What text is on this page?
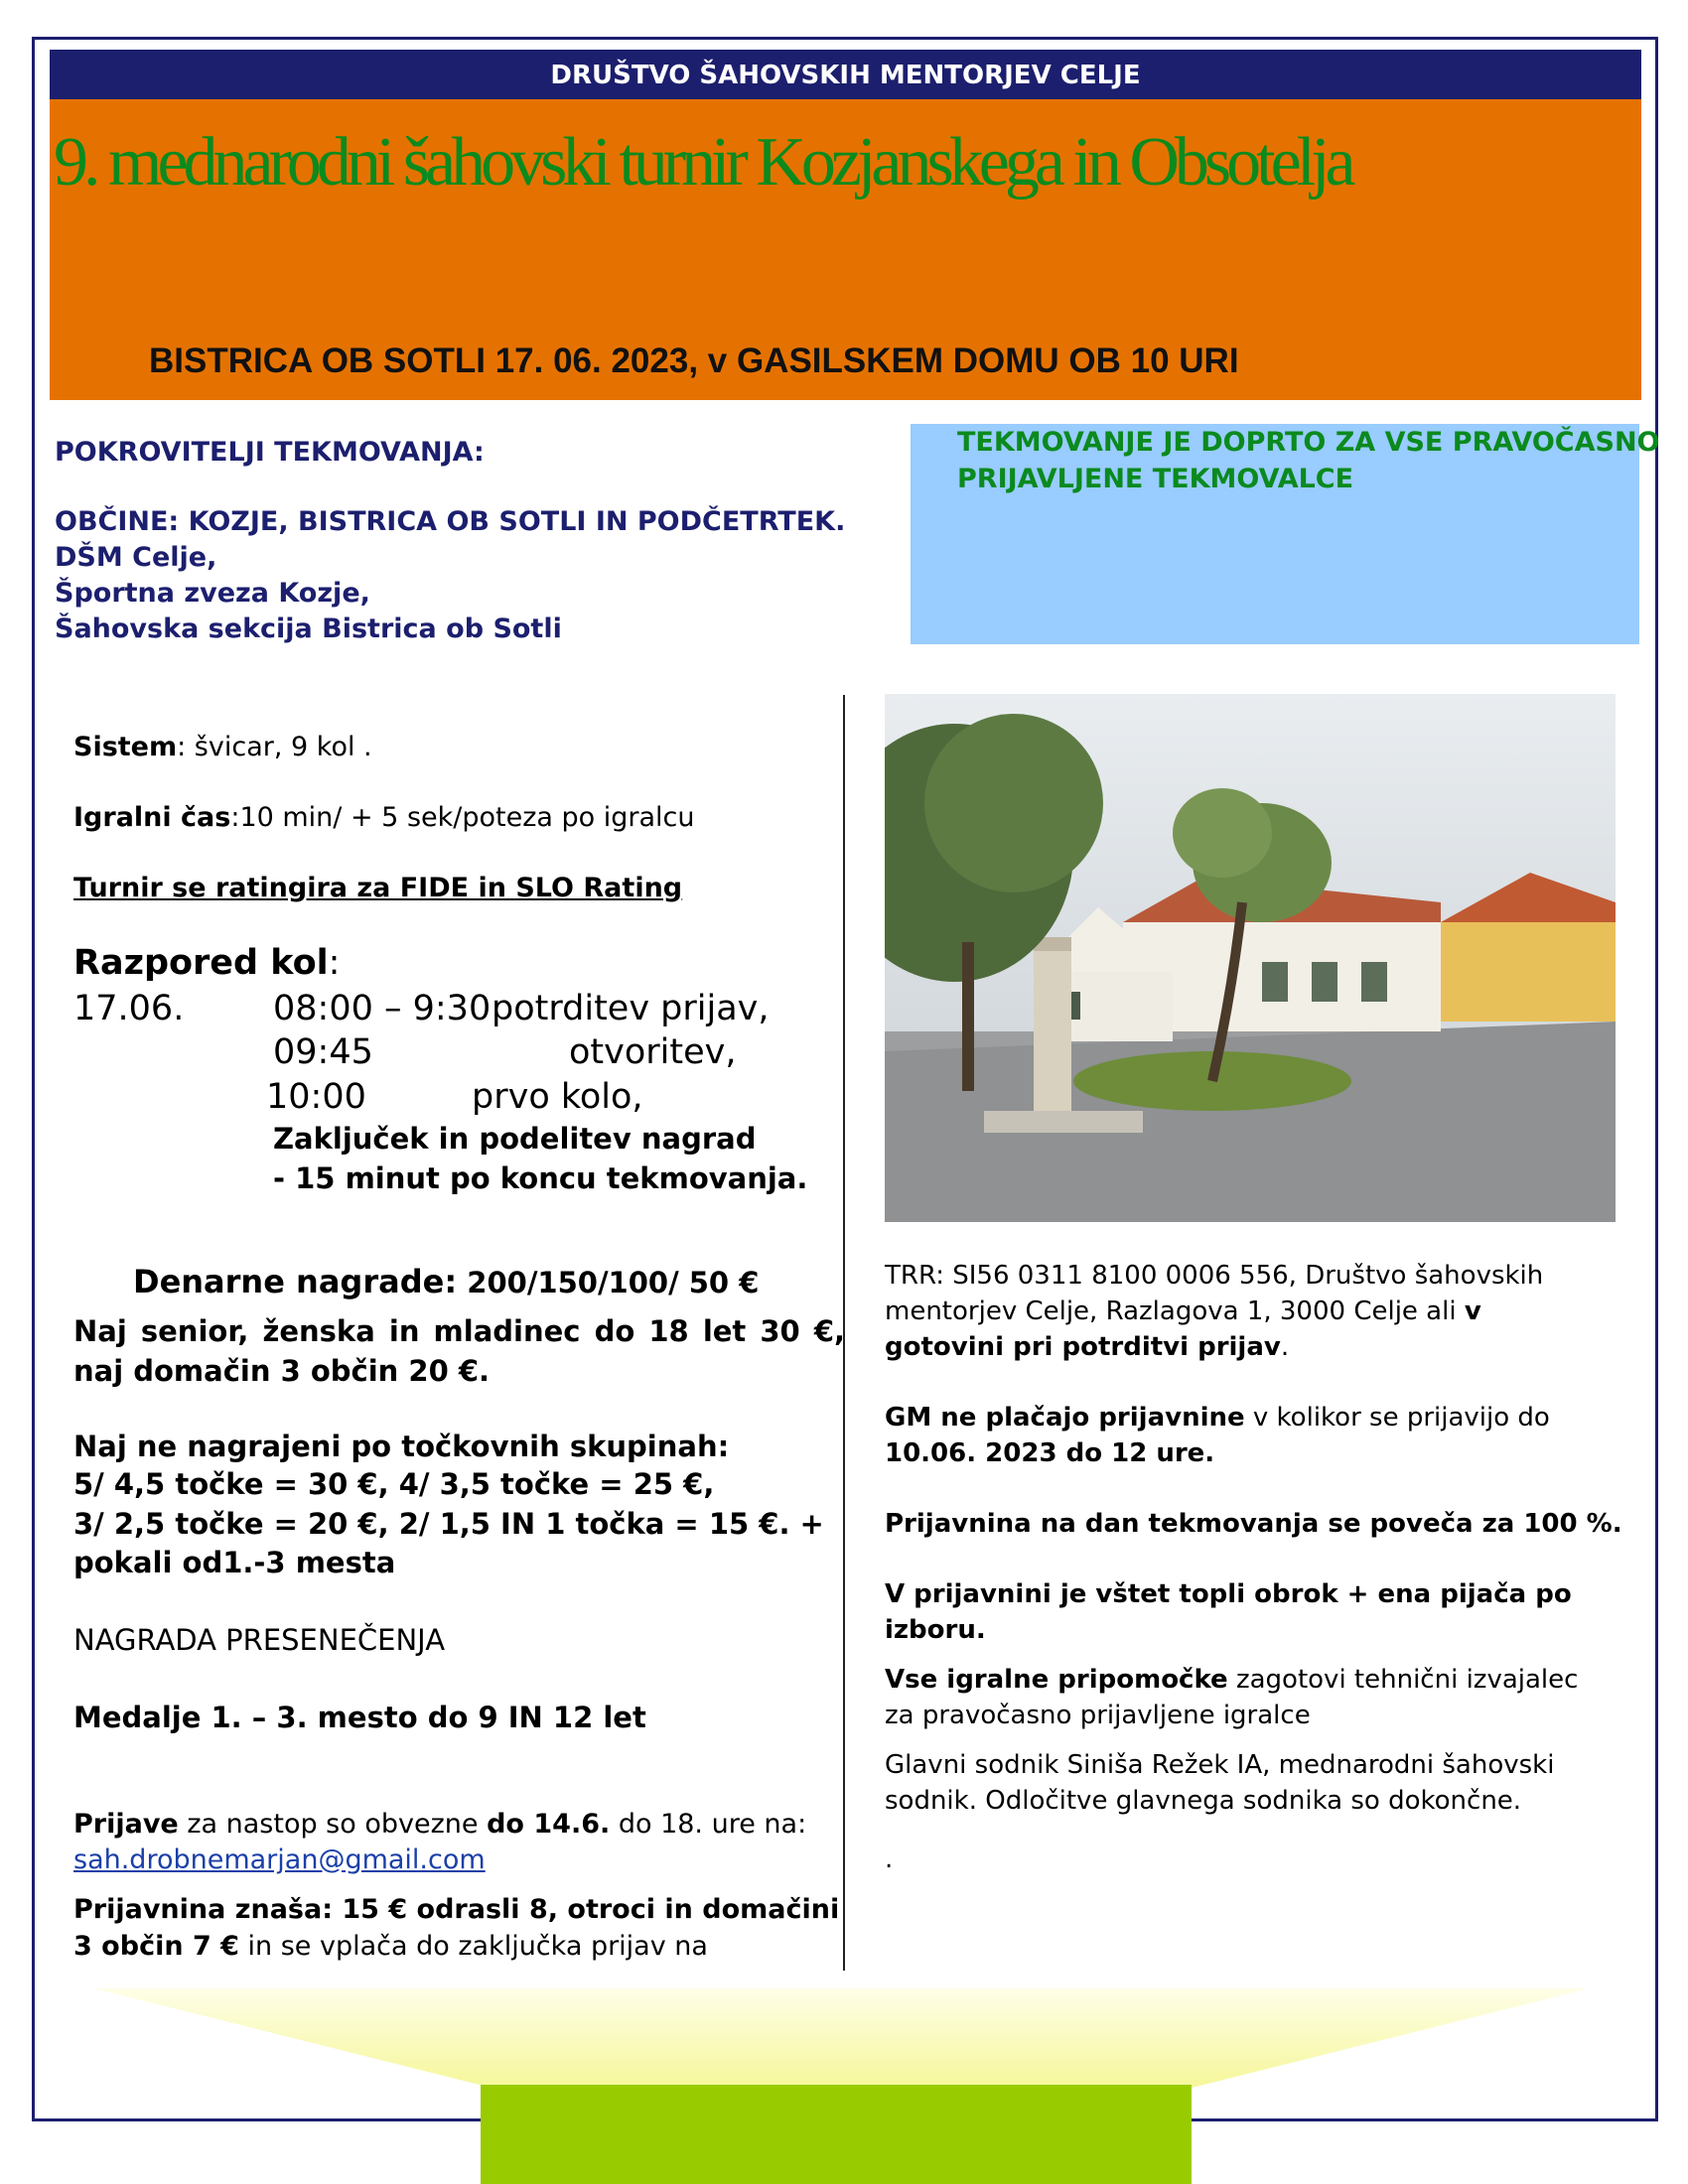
DRUŠTVO ŠAHOVSKIH MENTORJEV CELJE
9. mednarodni šahovski turnir Kozjanskega in Obsotelja
BISTRICA OB SOTLI 17. 06. 2023, v GASILSKEM DOMU OB 10 URI
POKROVITELJI TEKMOVANJA:
OBČINE: KOZJE, BISTRICA OB SOTLI IN PODČETRTEK.
DŠM Celje,
Športna zveza Kozje,
Šahovska sekcija Bistrica ob Sotli
TEKMOVANJE JE DOPRTO ZA VSE PRAVOČASNO
PRIJAVLJENE TEKMOVALCE
Sistem: švicar, 9 kol .
Igralni čas:10 min/ + 5 sek/poteza po igralcu
Turnir se ratingira za FIDE in SLO Rating
Razpored kol:
17.06.	08:00 – 9:30 potrditev prijav,
09:45	otvoritev,
10:00	prvo kolo,
Zaključek in podelitev nagrad
- 15 minut po koncu tekmovanja.
Denarne nagrade: 200/150/100/ 50 €
Naj senior, ženska in mladinec do 18 let 30 €,
naj domačin 3 občin 20 €.
Naj ne nagrajeni po točkovnih skupinah:
5/ 4,5 točke = 30 €, 4/ 3,5 točke = 25 €,
3/ 2,5 točke = 20 €, 2/ 1,5 IN 1 točka = 15 €. +
pokali od1.-3 mesta
NAGRADA PRESENEČENJA
Medalje 1. – 3. mesto do 9 IN 12 let
Prijave za nastop so obvezne do 14.6. do 18. ure na:
sah.drobnemarjan@gmail.com
Prijavnina znaša: 15 € odrasli 8, otroci in domačini
3 občin 7 € in se vplača do zaključka prijav na
TRR: SI56 0311 8100 0006 556, Društvo šahovskih
mentorjev Celje, Razlagova 1, 3000 Celje ali v
gotovini pri potrditvi prijav.
GM ne plačajo prijavnine v kolikor se prijavijo do
10.06. 2023 do 12 ure.
Prijavnina na dan tekmovanja se poveča za 100 %.
V prijavnini je vštet topli obrok + ena pijača po
izboru.
Vse igralne pripomočke zagotovi tehnični izvajalec
za pravočasno prijavljene igralce
Glavni sodnik Siniša Režek IA, mednarodni šahovski
sodnik. Odločitve glavnega sodnika so dokončne.
.
